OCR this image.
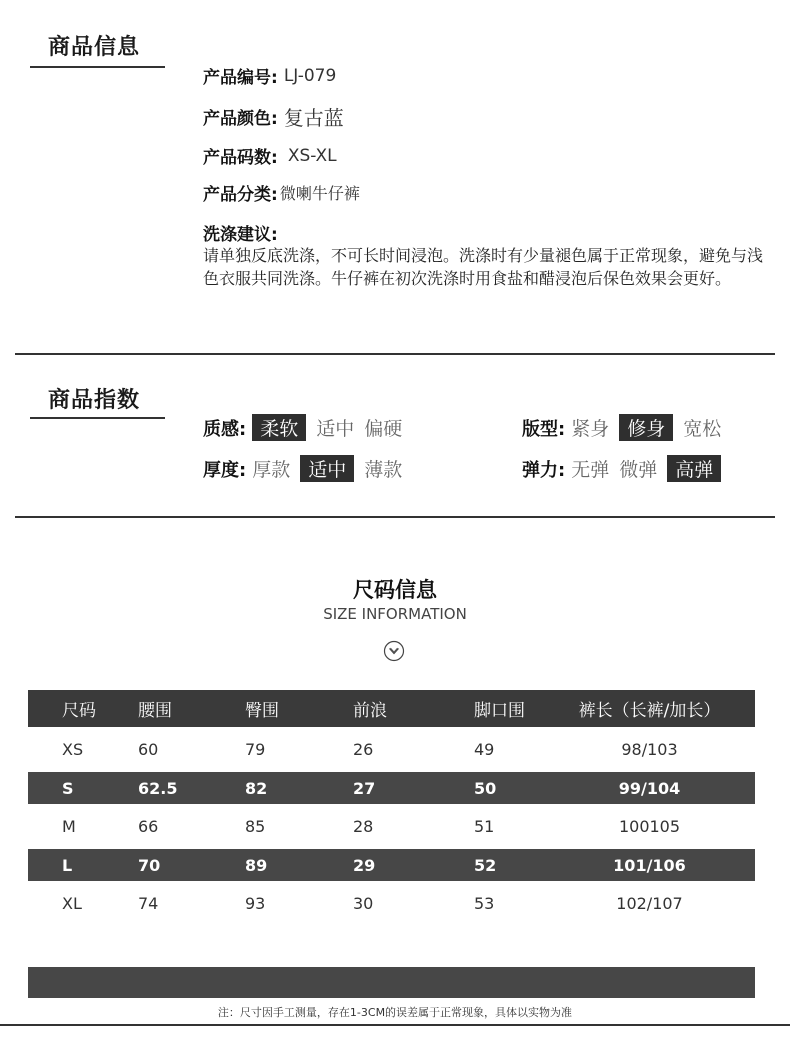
商品信息
产品编号: LJ-079
产品颜色: 复古蓝
产品码数: XS-XL
产品分类: 微喇牛仔裤
洗涤建议:
请单独反底洗涤，不可长时间浸泡。洗涤时有少量褪色属于正常现象，避免与浅色衣服共同洗涤。牛仔裤在初次洗涤时用食盐和醋浸泡后保色效果会更好。
商品指数
质感: 柔软 适中 偏硬	版型: 紧身 修身 宽松
厚度: 厚款 适中 薄款	弹力: 无弹 微弹 高弹
尺码信息
SIZE INFORMATION
尺码	腰围	臀围	前浪	脚口围	裤长（长裤/加长）
XS	60	79	26	49	98/103
S	62.5	82	27	50	99/104
M	66	85	28	51	100105
L	70	89	29	52	101/106
XL	74	93	30	53	102/107
注：尺寸因手工测量，存在1-3CM的误差属于正常现象，具体以实物为准
